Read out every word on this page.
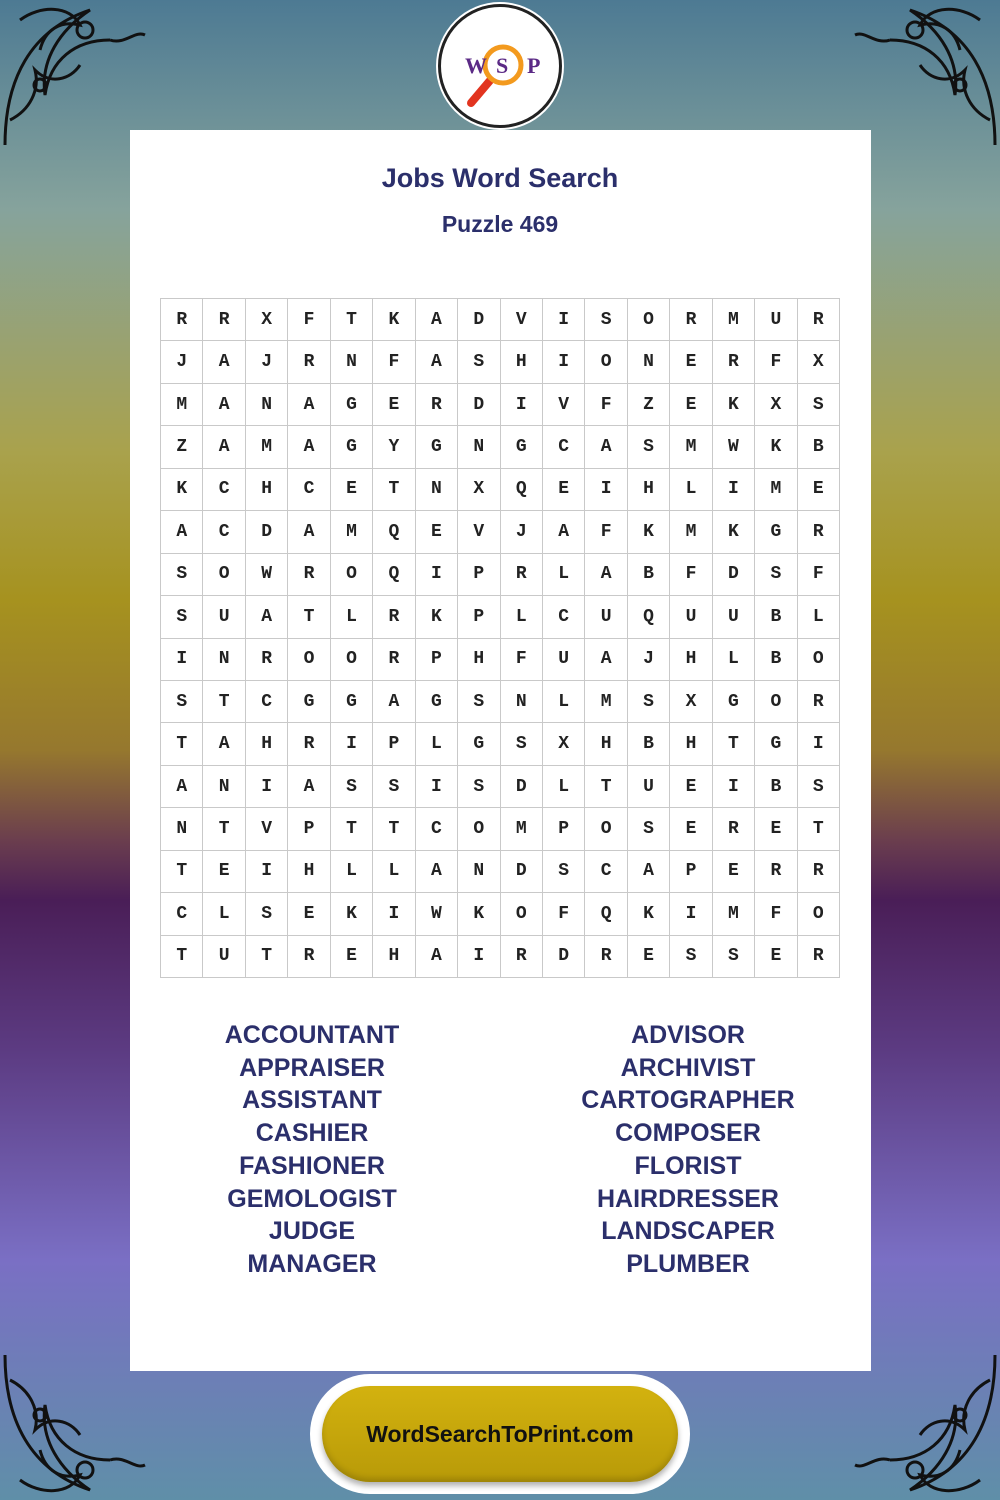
W S P
Jobs Word Search
Puzzle 469
R	R	X	F	T	K	A	D	V	I	S	O	R	M	U	R
J	A	J	R	N	F	A	S	H	I	O	N	E	R	F	X
M	A	N	A	G	E	R	D	I	V	F	Z	E	K	X	S
Z	A	M	A	G	Y	G	N	G	C	A	S	M	W	K	B
K	C	H	C	E	T	N	X	Q	E	I	H	L	I	M	E
A	C	D	A	M	Q	E	V	J	A	F	K	M	K	G	R
S	O	W	R	O	Q	I	P	R	L	A	B	F	D	S	F
S	U	A	T	L	R	K	P	L	C	U	Q	U	U	B	L
I	N	R	O	O	R	P	H	F	U	A	J	H	L	B	O
S	T	C	G	G	A	G	S	N	L	M	S	X	G	O	R
T	A	H	R	I	P	L	G	S	X	H	B	H	T	G	I
A	N	I	A	S	S	I	S	D	L	T	U	E	I	B	S
N	T	V	P	T	T	C	O	M	P	O	S	E	R	E	T
T	E	I	H	L	L	A	N	D	S	C	A	P	E	R	R
C	L	S	E	K	I	W	K	O	F	Q	K	I	M	F	O
T	U	T	R	E	H	A	I	R	D	R	E	S	S	E	R
ACCOUNTANT
APPRAISER
ASSISTANT
CASHIER
FASHIONER
GEMOLOGIST
JUDGE
MANAGER
ADVISOR
ARCHIVIST
CARTOGRAPHER
COMPOSER
FLORIST
HAIRDRESSER
LANDSCAPER
PLUMBER
WordSearchToPrint.com
